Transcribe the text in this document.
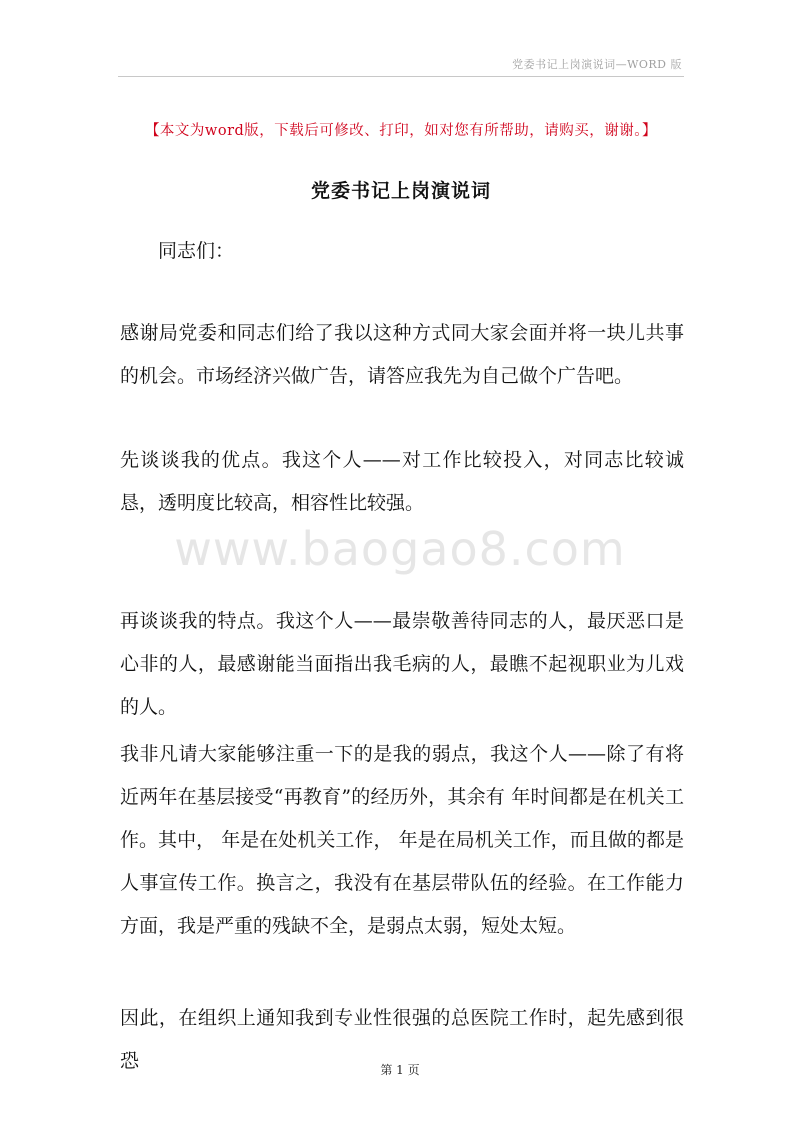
党委书记上岗演说词—WORD 版
【本文为word版，下载后可修改、打印，如对您有所帮助，请购买，谢谢。】
党委书记上岗演说词
同志们：
感谢局党委和同志们给了我以这种方式同大家会面并将一块儿共事的机会。市场经济兴做广告，请答应我先为自己做个广告吧。
先谈谈我的优点。我这个人——对工作比较投入，对同志比较诚恳，透明度比较高，相容性比较强。
www.baogao8.com
再谈谈我的特点。我这个人——最崇敬善待同志的人，最厌恶口是心非的人，最感谢能当面指出我毛病的人，最瞧不起视职业为儿戏的人。
我非凡请大家能够注重一下的是我的弱点，我这个人——除了有将近两年在基层接受“再教育”的经历外，其余有 年时间都是在机关工作。其中， 年是在处机关工作， 年是在局机关工作，而且做的都是人事宣传工作。换言之，我没有在基层带队伍的经验。在工作能力方面，我是严重的残缺不全，是弱点太弱，短处太短。
因此，在组织上通知我到专业性很强的总医院工作时，起先感到很恐	第 1 页
